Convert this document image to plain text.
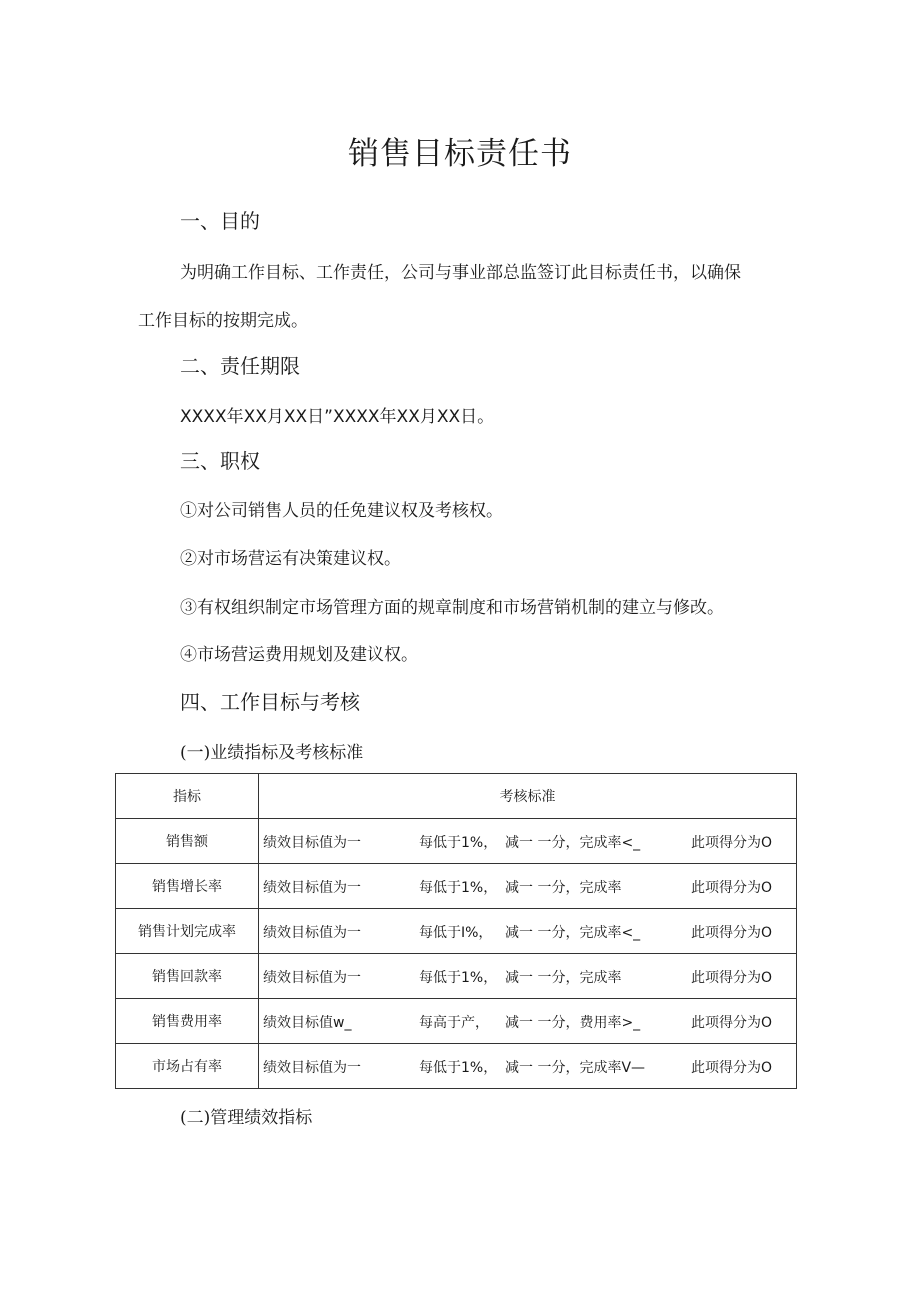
销售目标责任书
一、目的
为明确工作目标、工作责任，公司与事业部总监签订此目标责任书，以确保
工作目标的按期完成。
二、责任期限
XXXX年XX月XX日”XXXX年XX月XX日。
三、职权
①对公司销售人员的任免建议权及考核权。
②对市场营运有决策建议权。
③有权组织制定市场管理方面的规章制度和市场营销机制的建立与修改。
④市场营运费用规划及建议权。
四、工作目标与考核
(一)业绩指标及考核标准
指标	考核标准
销售额	绩效目标值为一 每低于1%， 减一 一分，完成率<_ 此项得分为O

销售增长率	绩效目标值为一 每低于1%， 减一 一分，完成率 此项得分为O

销售计划完成率	绩效目标值为一 每低于I%， 减一 一分，完成率<_ 此项得分为O

销售回款率	绩效目标值为一 每低于1%， 减一 一分，完成率 此项得分为O

销售费用率	绩效目标值w_ 每高于产， 减一 一分，费用率>_ 此项得分为O

市场占有率	绩效目标值为一 每低于1%， 减一 一分，完成率V— 此项得分为O
(二)管理绩效指标
